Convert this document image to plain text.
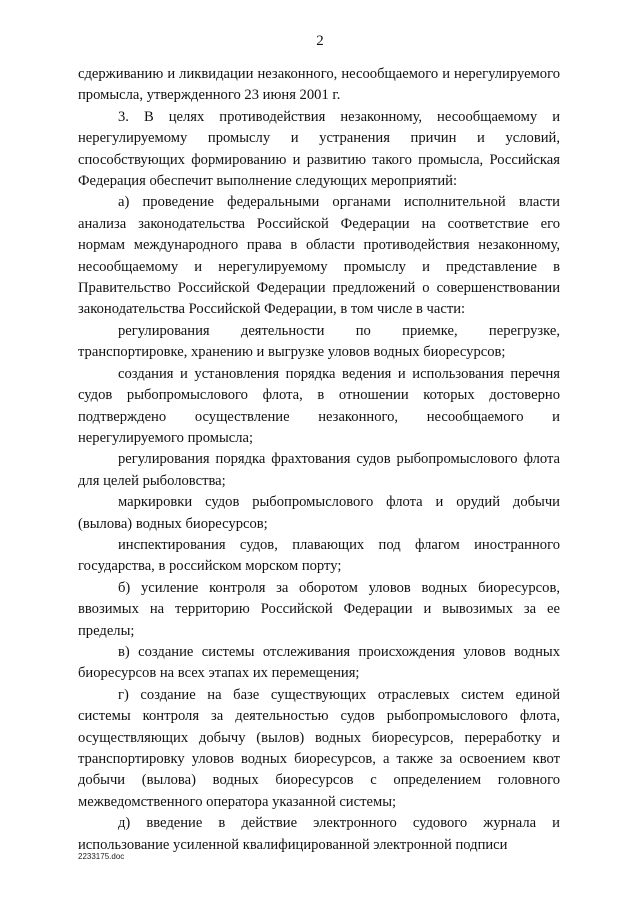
2

сдерживанию и ликвидации незаконного, несообщаемого и нерегулируемого промысла, утвержденного 23 июня 2001 г.

3. В целях противодействия незаконному, несообщаемому и нерегулируемому промыслу и устранения причин и условий, способствующих формированию и развитию такого промысла, Российская Федерация обеспечит выполнение следующих мероприятий:

а) проведение федеральными органами исполнительной власти анализа законодательства Российской Федерации на соответствие его нормам международного права в области противодействия незаконному, несообщаемому и нерегулируемому промыслу и представление в Правительство Российской Федерации предложений о совершенствовании законодательства Российской Федерации, в том числе в части:

регулирования деятельности по приемке, перегрузке, транспортировке, хранению и выгрузке уловов водных биоресурсов;

создания и установления порядка ведения и использования перечня судов рыбопромыслового флота, в отношении которых достоверно подтверждено осуществление незаконного, несообщаемого и нерегулируемого промысла;

регулирования порядка фрахтования судов рыбопромыслового флота для целей рыболовства;

маркировки судов рыбопромыслового флота и орудий добычи (вылова) водных биоресурсов;

инспектирования судов, плавающих под флагом иностранного государства, в российском морском порту;

б) усиление контроля за оборотом уловов водных биоресурсов, ввозимых на территорию Российской Федерации и вывозимых за ее пределы;

в) создание системы отслеживания происхождения уловов водных биоресурсов на всех этапах их перемещения;

г) создание на базе существующих отраслевых систем единой системы контроля за деятельностью судов рыбопромыслового флота, осуществляющих добычу (вылов) водных биоресурсов, переработку и транспортировку уловов водных биоресурсов, а также за освоением квот добычи (вылова) водных биоресурсов с определением головного межведомственного оператора указанной системы;

д) введение в действие электронного судового журнала и использование усиленной квалифицированной электронной подписи

2233175.doc
